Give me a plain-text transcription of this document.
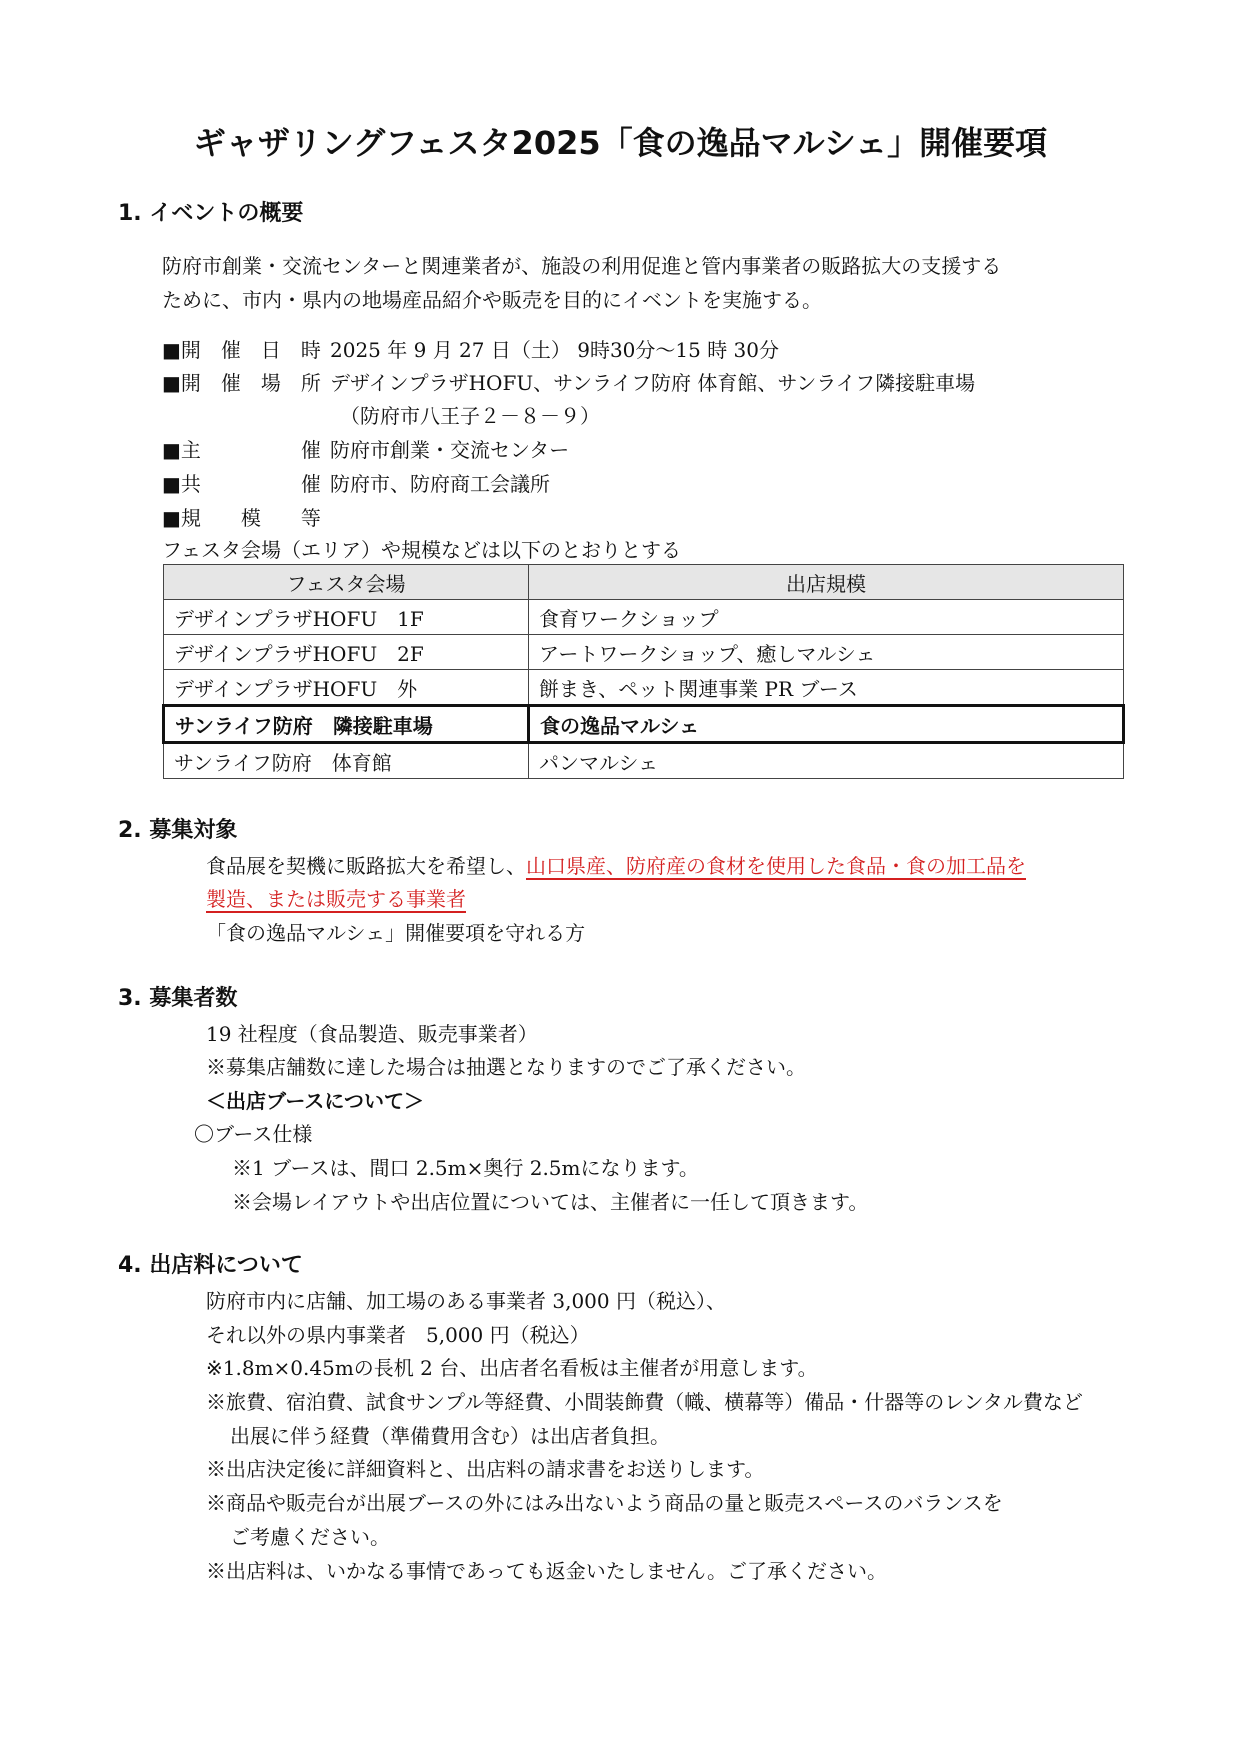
ギャザリングフェスタ2025「食の逸品マルシェ」開催要項
1. イベントの概要
防府市創業・交流センターと関連業者が、施設の利用促進と管内事業者の販路拡大の支援する
ために、市内・県内の地場産品紹介や販売を目的にイベントを実施する。
■開　催　日　時 2025 年 9 月 27 日（土） 9時30分～15 時 30分
■開　催　場　所 デザインプラザHOFU、サンライフ防府 体育館、サンライフ隣接駐車場
（防府市八王子２－８－９）
■主　　　　　催 防府市創業・交流センター
■共　　　　　催 防府市、防府商工会議所
■規　　模　　等
フェスタ会場（エリア）や規模などは以下のとおりとする
フェスタ会場	出店規模
デザインプラザHOFU　1F	食育ワークショップ
デザインプラザHOFU　2F	アートワークショップ、癒しマルシェ
デザインプラザHOFU　外	餅まき、ペット関連事業 PR ブース
サンライフ防府　隣接駐車場	食の逸品マルシェ
サンライフ防府　体育館	パンマルシェ
2. 募集対象
食品展を契機に販路拡大を希望し、山口県産、防府産の食材を使用した食品・食の加工品を
製造、または販売する事業者
「食の逸品マルシェ」開催要項を守れる方
3. 募集者数
19 社程度（食品製造、販売事業者）
※募集店舗数に達した場合は抽選となりますのでご了承ください。
＜出店ブースについて＞
〇ブース仕様
※1 ブースは、間口 2.5m×奥行 2.5mになります。
※会場レイアウトや出店位置については、主催者に一任して頂きます。
4. 出店料について
防府市内に店舗、加工場のある事業者 3,000 円（税込）、
それ以外の県内事業者　5,000 円（税込）
※1.8m×0.45mの長机 2 台、出店者名看板は主催者が用意します。
※旅費、宿泊費、試食サンプル等経費、小間装飾費（幟、横幕等）備品・什器等のレンタル費など
出展に伴う経費（準備費用含む）は出店者負担。
※出店決定後に詳細資料と、出店料の請求書をお送りします。
※商品や販売台が出展ブースの外にはみ出ないよう商品の量と販売スペースのバランスを
ご考慮ください。
※出店料は、いかなる事情であっても返金いたしません。ご了承ください。
